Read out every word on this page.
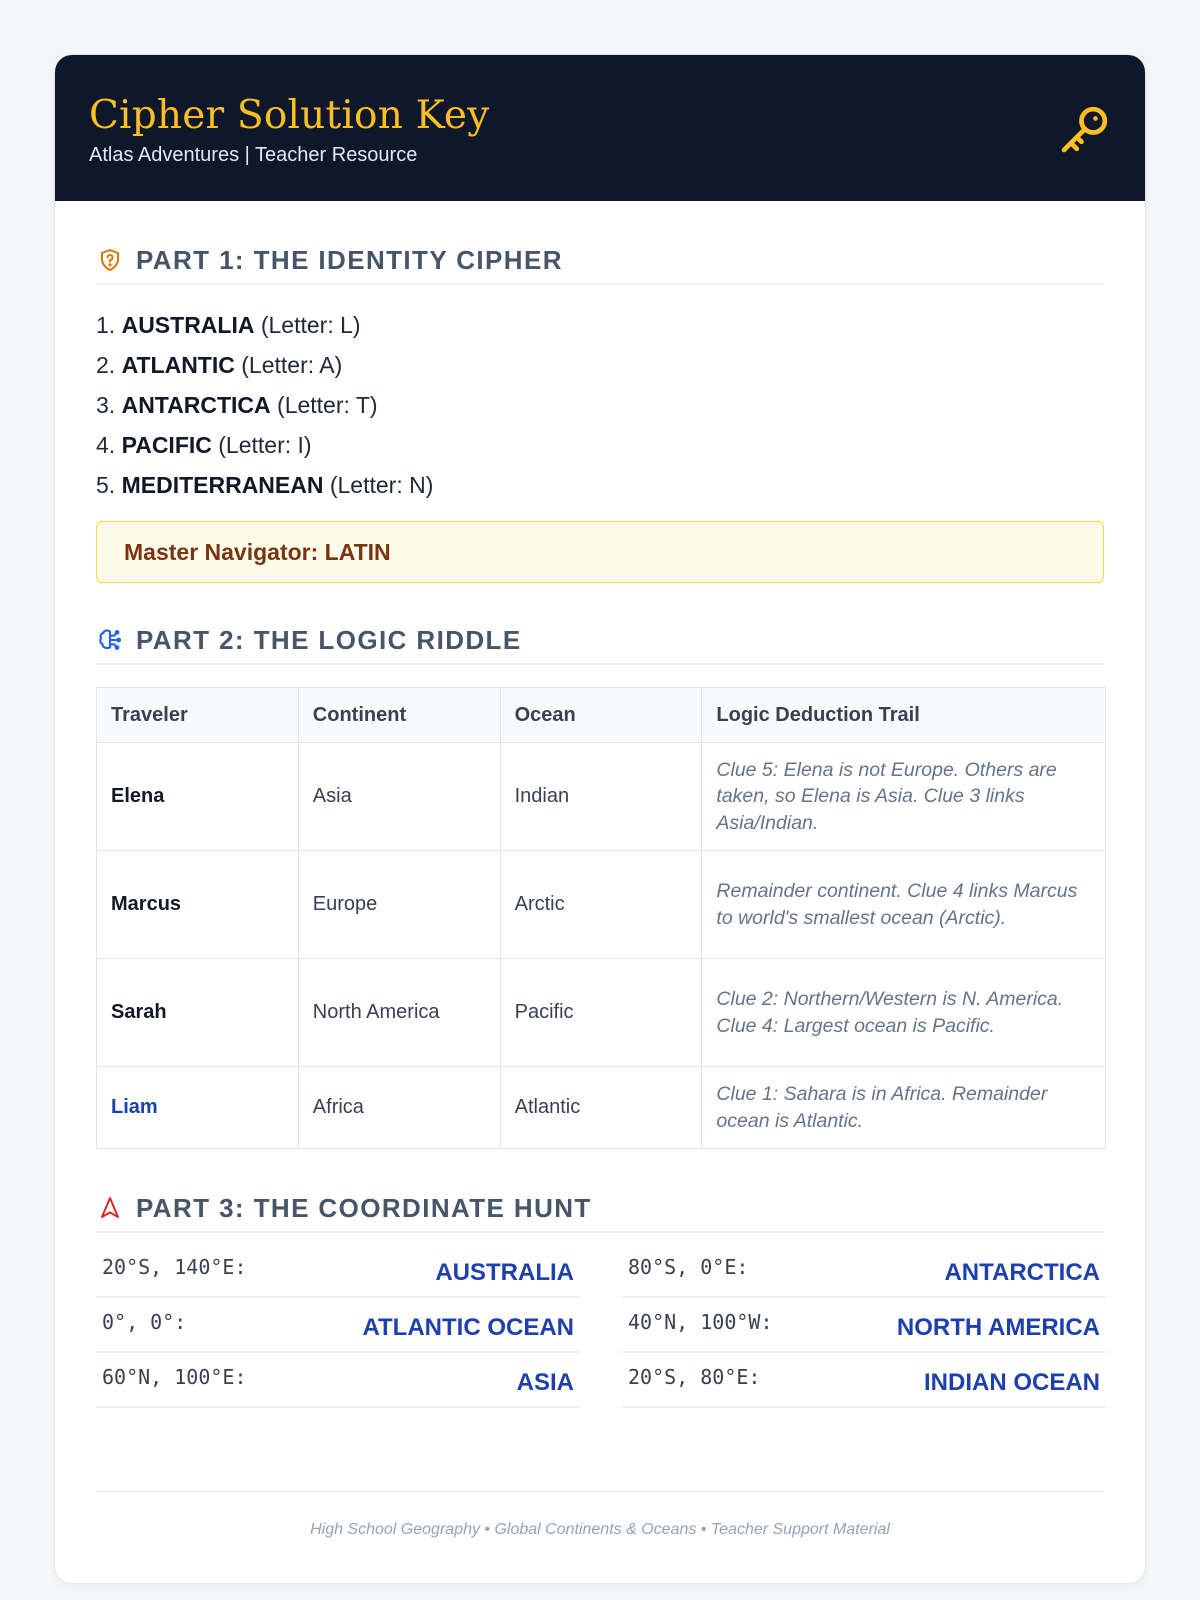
Cipher Solution Key
Atlas Adventures | Teacher Resource
PART 1: THE IDENTITY CIPHER
1. AUSTRALIA (Letter: L)
2. ATLANTIC (Letter: A)
3. ANTARCTICA (Letter: T)
4. PACIFIC (Letter: I)
5. MEDITERRANEAN (Letter: N)
Master Navigator: LATIN
PART 2: THE LOGIC RIDDLE
Traveler	Continent	Ocean	Logic Deduction Trail
Elena	Asia	Indian	Clue 5: Elena is not Europe. Others are taken, so Elena is Asia. Clue 3 links Asia/Indian.
Marcus	Europe	Arctic	Remainder continent. Clue 4 links Marcus to world's smallest ocean (Arctic).
Sarah	North America	Pacific	Clue 2: Northern/Western is N. America. Clue 4: Largest ocean is Pacific.
Liam	Africa	Atlantic	Clue 1: Sahara is in Africa. Remainder ocean is Atlantic.
PART 3: THE COORDINATE HUNT
20°S, 140°E:	AUSTRALIA
0°, 0°:	ATLANTIC OCEAN
60°N, 100°E:	ASIA
80°S, 0°E:	ANTARCTICA
40°N, 100°W:	NORTH AMERICA
20°S, 80°E:	INDIAN OCEAN
High School Geography • Global Continents & Oceans • Teacher Support Material
